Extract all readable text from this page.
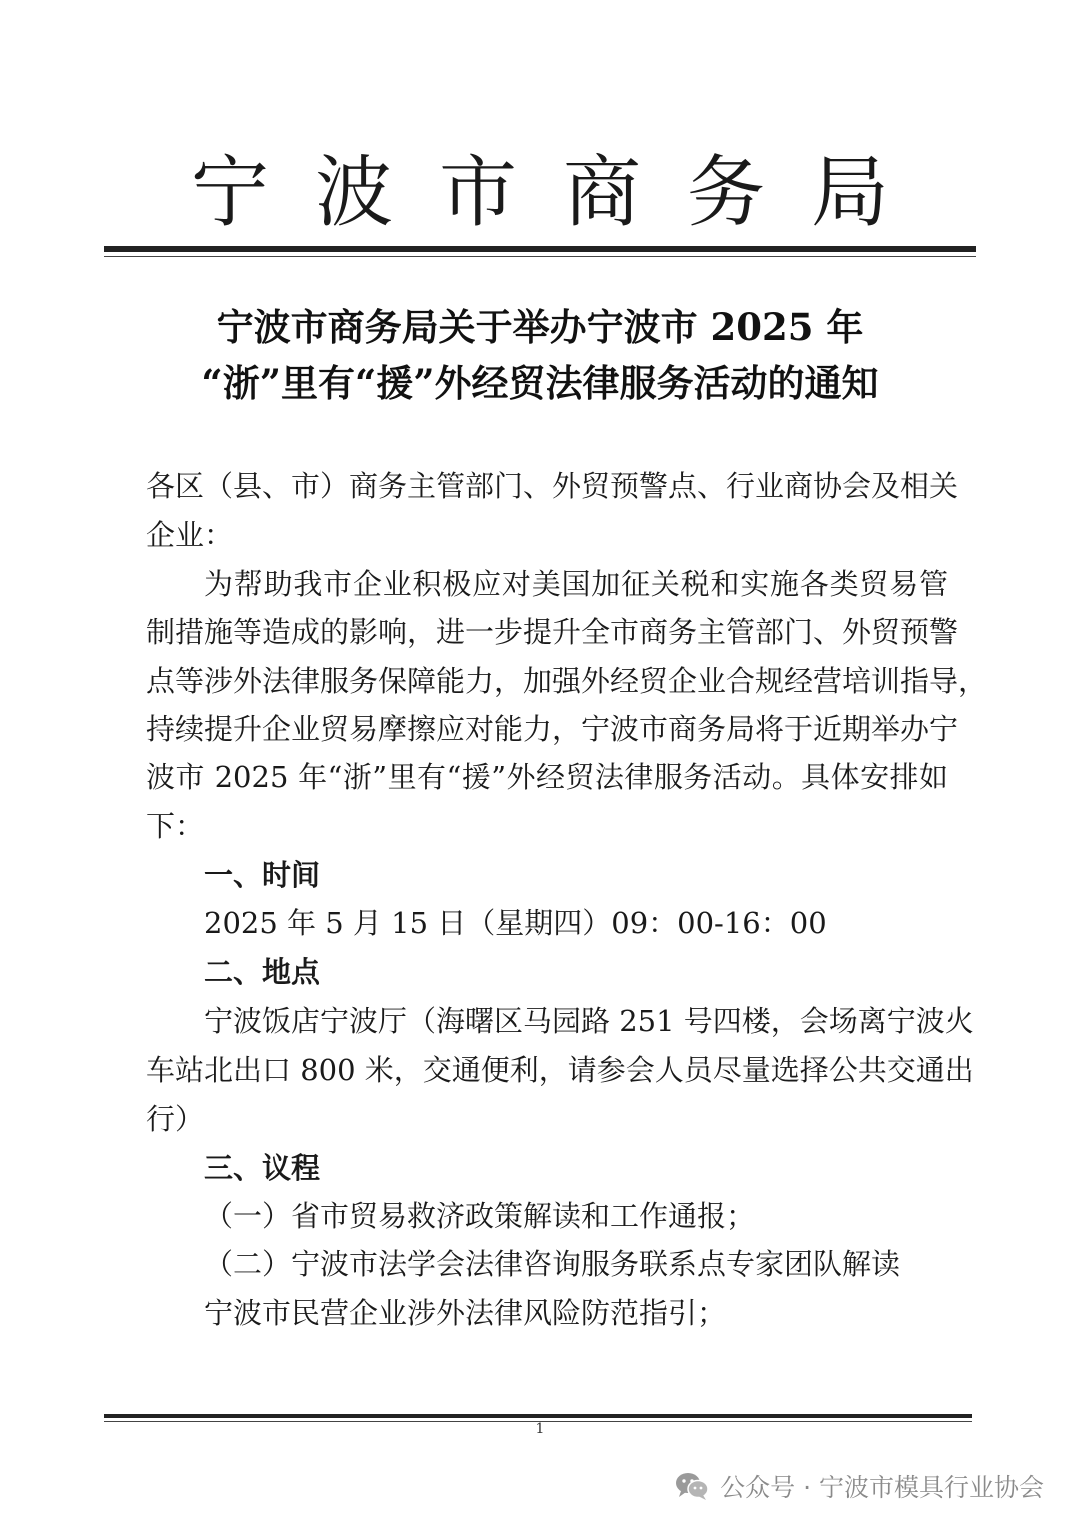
宁波市商务局
宁波市商务局关于举办宁波市 2025 年
“浙”里有“援”外经贸法律服务活动的通知
各区（县、市）商务主管部门、外贸预警点、行业商协会及相关
企业：
为帮助我市企业积极应对美国加征关税和实施各类贸易管
制措施等造成的影响，进一步提升全市商务主管部门、外贸预警
点等涉外法律服务保障能力，加强外经贸企业合规经营培训指导，
持续提升企业贸易摩擦应对能力，宁波市商务局将于近期举办宁
波市 2025 年“浙”里有“援”外经贸法律服务活动。具体安排如
下：
一、时间
2025 年 5 月 15 日（星期四）09：00-16：00
二、地点
宁波饭店宁波厅（海曙区马园路 251 号四楼，会场离宁波火
车站北出口 800 米，交通便利，请参会人员尽量选择公共交通出
行）
三、议程
（一）省市贸易救济政策解读和工作通报；
（二）宁波市法学会法律咨询服务联系点专家团队解读
宁波市民营企业涉外法律风险防范指引；
1
公众号 · 宁波市模具行业协会
